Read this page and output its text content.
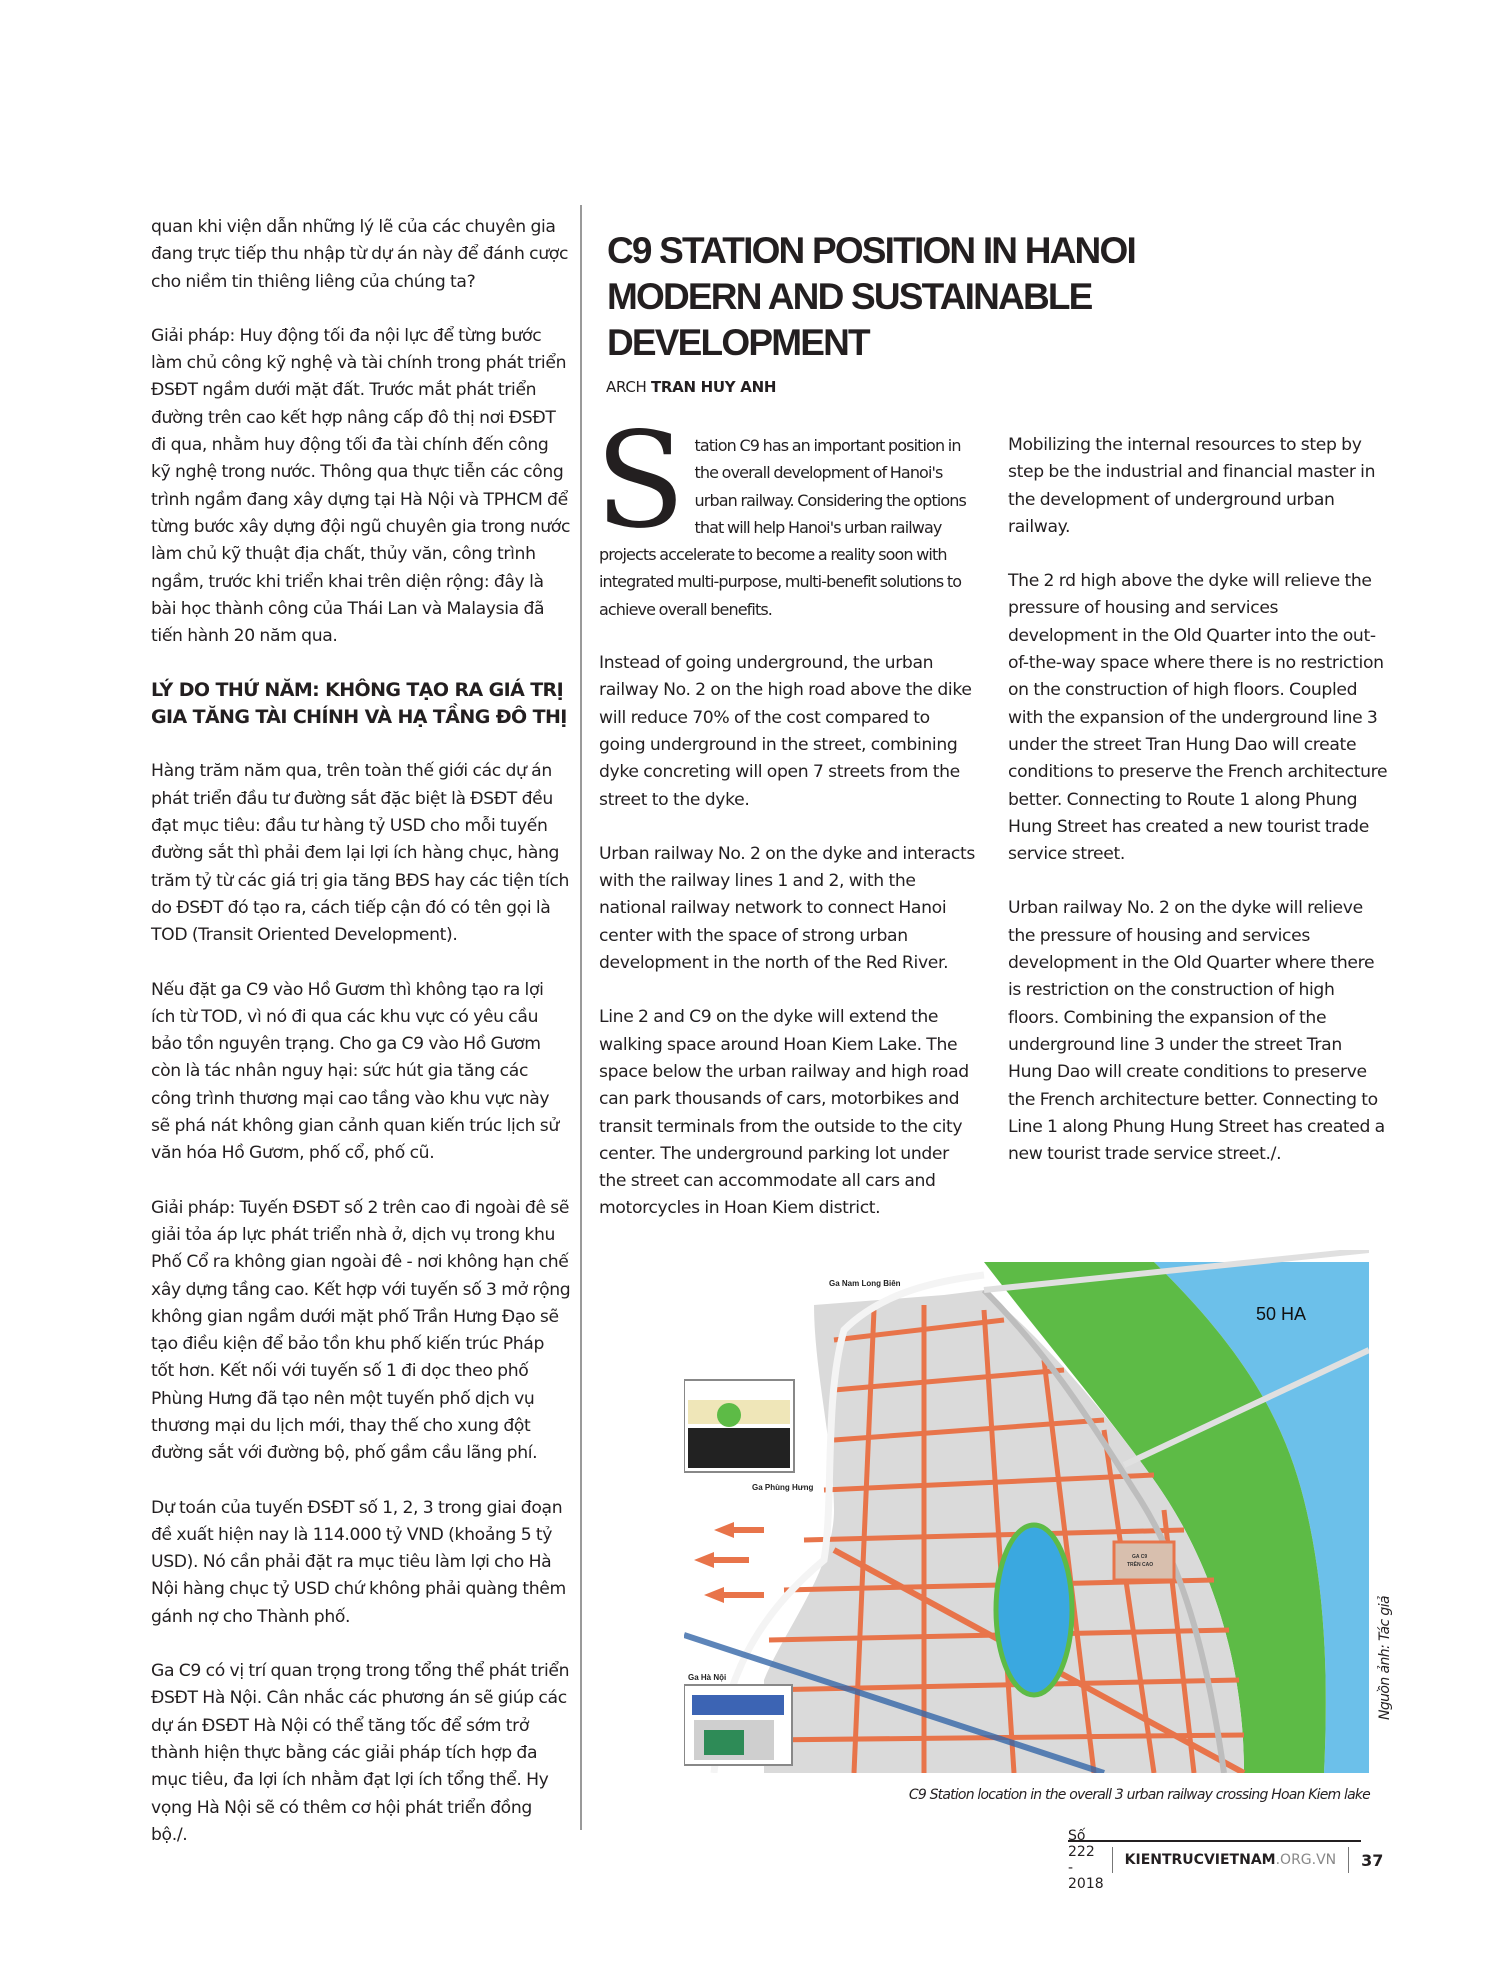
quan khi viện dẫn những lý lẽ của các chuyên gia đang trực tiếp thu nhập từ dự án này để đánh cược cho niềm tin thiêng liêng của chúng ta?

Giải pháp: Huy động tối đa nội lực để từng bước làm chủ công kỹ nghệ và tài chính trong phát triển ĐSĐT ngầm dưới mặt đất. Trước mắt phát triển đường trên cao kết hợp nâng cấp đô thị nơi ĐSĐT đi qua, nhằm huy động tối đa tài chính đến công kỹ nghệ trong nước. Thông qua thực tiễn các công trình ngầm đang xây dựng tại Hà Nội và TPHCM để từng bước xây dựng đội ngũ chuyên gia trong nước làm chủ kỹ thuật địa chất, thủy văn, công trình ngầm, trước khi triển khai trên diện rộng: đây là bài học thành công của Thái Lan và Malaysia đã tiến hành 20 năm qua.

LÝ DO THỨ NĂM: KHÔNG TẠO RA GIÁ TRỊ GIA TĂNG TÀI CHÍNH VÀ HẠ TẦNG ĐÔ THỊ

Hàng trăm năm qua, trên toàn thế giới các dự án phát triển đầu tư đường sắt đặc biệt là ĐSĐT đều đạt mục tiêu: đầu tư hàng tỷ USD cho mỗi tuyến đường sắt thì phải đem lại lợi ích hàng chục, hàng trăm tỷ từ các giá trị gia tăng BĐS hay các tiện tích do ĐSĐT đó tạo ra, cách tiếp cận đó có tên gọi là TOD (Transit Oriented Development).

Nếu đặt ga C9 vào Hồ Gươm thì không tạo ra lợi ích từ TOD, vì nó đi qua các khu vực có yêu cầu bảo tồn nguyên trạng. Cho ga C9 vào Hồ Gươm còn là tác nhân nguy hại: sức hút gia tăng các công trình thương mại cao tầng vào khu vực này sẽ phá nát không gian cảnh quan kiến trúc lịch sử văn hóa Hồ Gươm, phố cổ, phố cũ.

Giải pháp: Tuyến ĐSĐT số 2 trên cao đi ngoài đê sẽ giải tỏa áp lực phát triển nhà ở, dịch vụ trong khu Phố Cổ ra không gian ngoài đê - nơi không hạn chế xây dựng tầng cao. Kết hợp với tuyến số 3 mở rộng không gian ngầm dưới mặt phố Trần Hưng Đạo sẽ tạo điều kiện để bảo tồn khu phố kiến trúc Pháp tốt hơn. Kết nối với tuyến số 1 đi dọc theo phố Phùng Hưng đã tạo nên một tuyến phố dịch vụ thương mại du lịch mới, thay thế cho xung đột đường sắt với đường bộ, phố gầm cầu lãng phí.

Dự toán của tuyến ĐSĐT số 1, 2, 3 trong giai đoạn đề xuất hiện nay là 114.000 tỷ VND (khoảng 5 tỷ USD). Nó cần phải đặt ra mục tiêu làm lợi cho Hà Nội hàng chục tỷ USD chứ không phải quàng thêm gánh nợ cho Thành phố.

Ga C9 có vị trí quan trọng trong tổng thể phát triển ĐSĐT Hà Nội. Cân nhắc các phương án sẽ giúp các dự án ĐSĐT Hà Nội có thể tăng tốc để sớm trở thành hiện thực bằng các giải pháp tích hợp đa mục tiêu, đa lợi ích nhằm đạt lợi ích tổng thể. Hy vọng Hà Nội sẽ có thêm cơ hội phát triển đồng bộ./.

C9 STATION POSITION IN HANOI MODERN AND SUSTAINABLE DEVELOPMENT
ARCH TRAN HUY ANH

Station C9 has an important position in the overall development of Hanoi's urban railway. Considering the options that will help Hanoi's urban railway projects accelerate to become a reality soon with integrated multi-purpose, multi-benefit solutions to achieve overall benefits.

Instead of going underground, the urban railway No. 2 on the high road above the dike will reduce 70% of the cost compared to going underground in the street, combining dyke concreting will open 7 streets from the street to the dyke.

Urban railway No. 2 on the dyke and interacts with the railway lines 1 and 2, with the national railway network to connect Hanoi center with the space of strong urban development in the north of the Red River.

Line 2 and C9 on the dyke will extend the walking space around Hoan Kiem Lake. The space below the urban railway and high road can park thousands of cars, motorbikes and transit terminals from the outside to the city center. The underground parking lot under the street can accommodate all cars and motorcycles in Hoan Kiem district.

Mobilizing the internal resources to step by step be the industrial and financial master in the development of underground urban railway.

The 2 rd high above the dyke will relieve the pressure of housing and services development in the Old Quarter into the out-of-the-way space where there is no restriction on the construction of high floors. Coupled with the expansion of the underground line 3 under the street Tran Hung Dao will create conditions to preserve the French architecture better. Connecting to Route 1 along Phung Hung Street has created a new tourist trade service street.

Urban railway No. 2 on the dyke will relieve the pressure of housing and services development in the Old Quarter where there is restriction on the construction of high floors. Combining the expansion of the underground line 3 under the street Tran Hung Dao will create conditions to preserve the French architecture better. Connecting to Line 1 along Phung Hung Street has created a new tourist trade service street./.

50 HA
Ga Nam Long Biên
Ga Phùng Hưng
Ga Hà Nội
GA C9
TRÊN CAO
C9 Station location in the overall 3 urban railway crossing Hoan Kiem lake
Nguồn ảnh: Tác giả
Số 222 - 2018
KIENTRUCVIETNAM .ORG.VN	37
